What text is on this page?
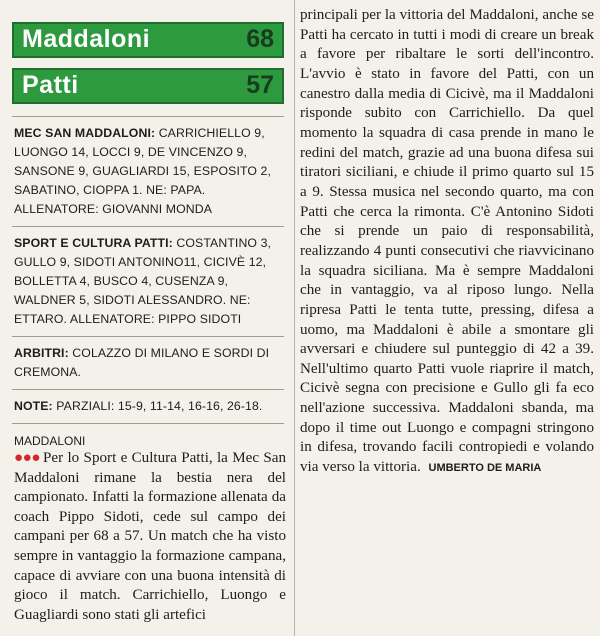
Maddaloni	68
Patti	57
MEC SAN MADDALONI: CARRICHIELLO 9, LUONGO 14, LOCCI 9, DE VINCENZO 9, SANSONE 9, GUAGLIARDI 15, ESPOSITO 2, SABATINO, CIOPPA 1. NE: PAPA. ALLENATORE: GIOVANNI MONDA
SPORT E CULTURA PATTI: COSTANTINO 3, GULLO 9, SIDOTI ANTONINO11, CICIVÈ 12, BOLLETTA 4, BUSCO 4, CUSENZA 9, WALDNER 5, SIDOTI ALESSANDRO. NE: ETTARO. ALLENATORE: PIPPO SIDOTI
ARBITRI: COLAZZO DI MILANO E SORDI DI CREMONA.
NOTE: PARZIALI: 15-9, 11-14, 16-16, 26-18.
MADDALONI
●●● Per lo Sport e Cultura Patti, la Mec San Maddaloni rimane la bestia nera del campionato. Infatti la formazione allenata da coach Pippo Sidoti, cede sul campo dei campani per 68 a 57. Un match che ha visto sempre in vantaggio la formazione campana, capace di avviare con una buona intensità di gioco il match. Carrichiello, Luongo e Guagliardi sono stati gli artefici
principali per la vittoria del Maddaloni, anche se Patti ha cercato in tutti i modi di creare un break a favore per ribaltare le sorti dell'incontro. L'avvio è stato in favore del Patti, con un canestro dalla media di Cicivè, ma il Maddaloni risponde subito con Carrichiello. Da quel momento la squadra di casa prende in mano le redini del match, grazie ad una buona difesa sui tiratori siciliani, e chiude il primo quarto sul 15 a 9. Stessa musica nel secondo quarto, ma con Patti che cerca la rimonta. C'è Antonino Sidoti che si prende un paio di responsabilità, realizzando 4 punti consecutivi che riavvicinano la squadra siciliana. Ma è sempre Maddaloni che in vantaggio, va al riposo lungo. Nella ripresa Patti le tenta tutte, pressing, difesa a uomo, ma Maddaloni è abile a smontare gli avversari e chiudere sul punteggio di 42 a 39. Nell'ultimo quarto Patti vuole riaprire il match, Cicivè segna con precisione e Gullo gli fa eco nell'azione successiva. Maddaloni sbanda, ma dopo il time out Luongo e compagni stringono in difesa, trovando facili contropiedi e volando via verso la vittoria. UMBERTO DE MARIA
